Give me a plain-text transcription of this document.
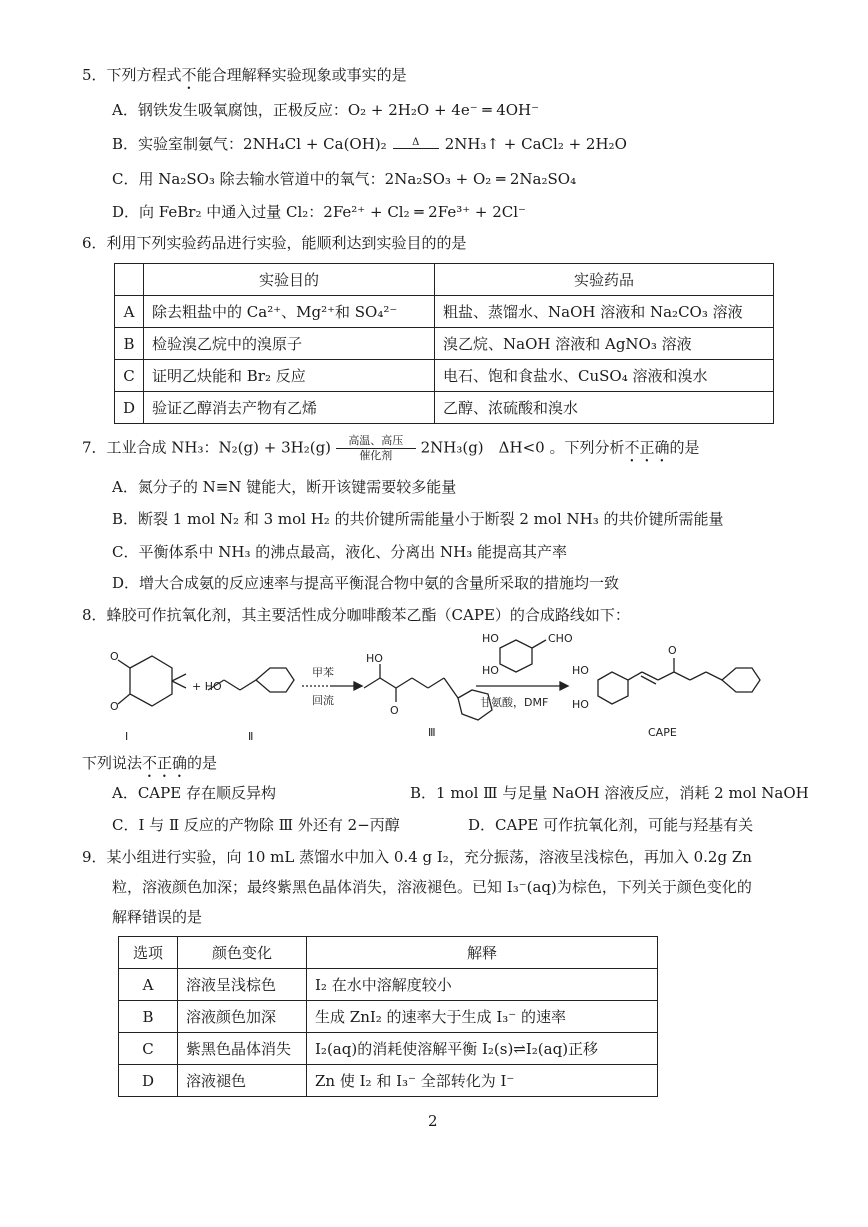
5．下列方程式不能合理解释实验现象或事实的是
A．钢铁发生吸氧腐蚀，正极反应：O₂ + 2H₂O + 4e⁻ ═ 4OH⁻
B．实验室制氨气：2NH₄Cl + Ca(OH)₂	Δ 2NH₃↑ + CaCl₂ + 2H₂O
C．用 Na₂SO₃ 除去输水管道中的氧气：2Na₂SO₃ + O₂ ═ 2Na₂SO₄
D．向 FeBr₂ 中通入过量 Cl₂：2Fe²⁺ + Cl₂ ═ 2Fe³⁺ + 2Cl⁻
6．利用下列实验药品进行实验，能顺利达到实验目的的是
	实验目的	实验药品
A	除去粗盐中的 Ca²⁺、Mg²⁺和 SO₄²⁻	粗盐、蒸馏水、NaOH 溶液和 Na₂CO₃ 溶液
B	检验溴乙烷中的溴原子	溴乙烷、NaOH 溶液和 AgNO₃ 溶液
C	证明乙炔能和 Br₂ 反应	电石、饱和食盐水、CuSO₄ 溶液和溴水
D	验证乙醇消去产物有乙烯	乙醇、浓硫酸和溴水
7．工业合成 NH₃：N₂(g) + 3H₂(g)	高温、高压
催化剂	2NH₃(g)　ΔH<0 。下列分析不正确的是
A．氮分子的 N≡N 键能大，断开该键需要较多能量
B．断裂 1 mol N₂ 和 3 mol H₂ 的共价键所需能量小于断裂 2 mol NH₃ 的共价键所需能量
C．平衡体系中 NH₃ 的沸点最高，液化、分离出 NH₃ 能提高其产率
D．增大合成氨的反应速率与提高平衡混合物中氨的含量所采取的措施均一致
8．蜂胶可作抗氧化剂，其主要活性成分咖啡酸苯乙酯（CAPE）的合成路线如下：
O
O
+ HO
甲苯
回流
HO
O
HO	CHO
HO
甘氨酸，DMF
HO
HO
O
Ⅰ	Ⅱ	Ⅲ	CAPE
下列说法不正确的是
A．CAPE 存在顺反异构	B．1 mol Ⅲ 与足量 NaOH 溶液反应，消耗 2 mol NaOH
C．Ⅰ 与 Ⅱ 反应的产物除 Ⅲ 外还有 2−丙醇	D．CAPE 可作抗氧化剂，可能与羟基有关
9．某小组进行实验，向 10 mL 蒸馏水中加入 0.4 g I₂，充分振荡，溶液呈浅棕色，再加入 0.2g Zn
粒，溶液颜色加深；最终紫黑色晶体消失，溶液褪色。已知 I₃⁻(aq)为棕色，下列关于颜色变化的
解释错误的是
选项	颜色变化	解释
A	溶液呈浅棕色	I₂ 在水中溶解度较小
B	溶液颜色加深	生成 ZnI₂ 的速率大于生成 I₃⁻ 的速率
C	紫黑色晶体消失	I₂(aq)的消耗使溶解平衡 I₂(s)⇌I₂(aq)正移
D	溶液褪色	Zn 使 I₂ 和 I₃⁻ 全部转化为 I⁻
2
